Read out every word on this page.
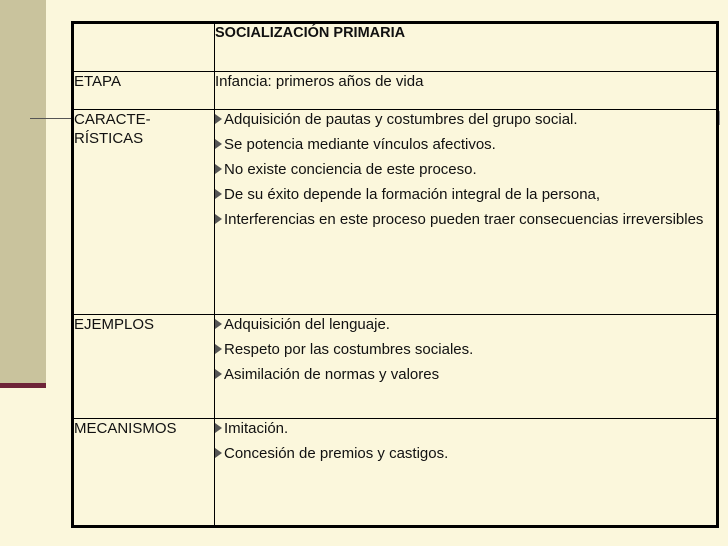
	SOCIALIZACIÓN PRIMARIA
ETAPA	Infancia: primeros años de vida
CARACTE-RÍSTICAS	Adquisición de pautas y costumbres del grupo social.
Se potencia mediante vínculos afectivos.
No existe conciencia de este proceso.
De su éxito depende la formación integral de la persona,
Interferencias en este proceso pueden traer consecuencias irreversibles

EJEMPLOS	Adquisición del lenguaje.
Respeto por las costumbres sociales.
Asimilación de normas y valores

MECANISMOS	Imitación.
Concesión de premios y castigos.
